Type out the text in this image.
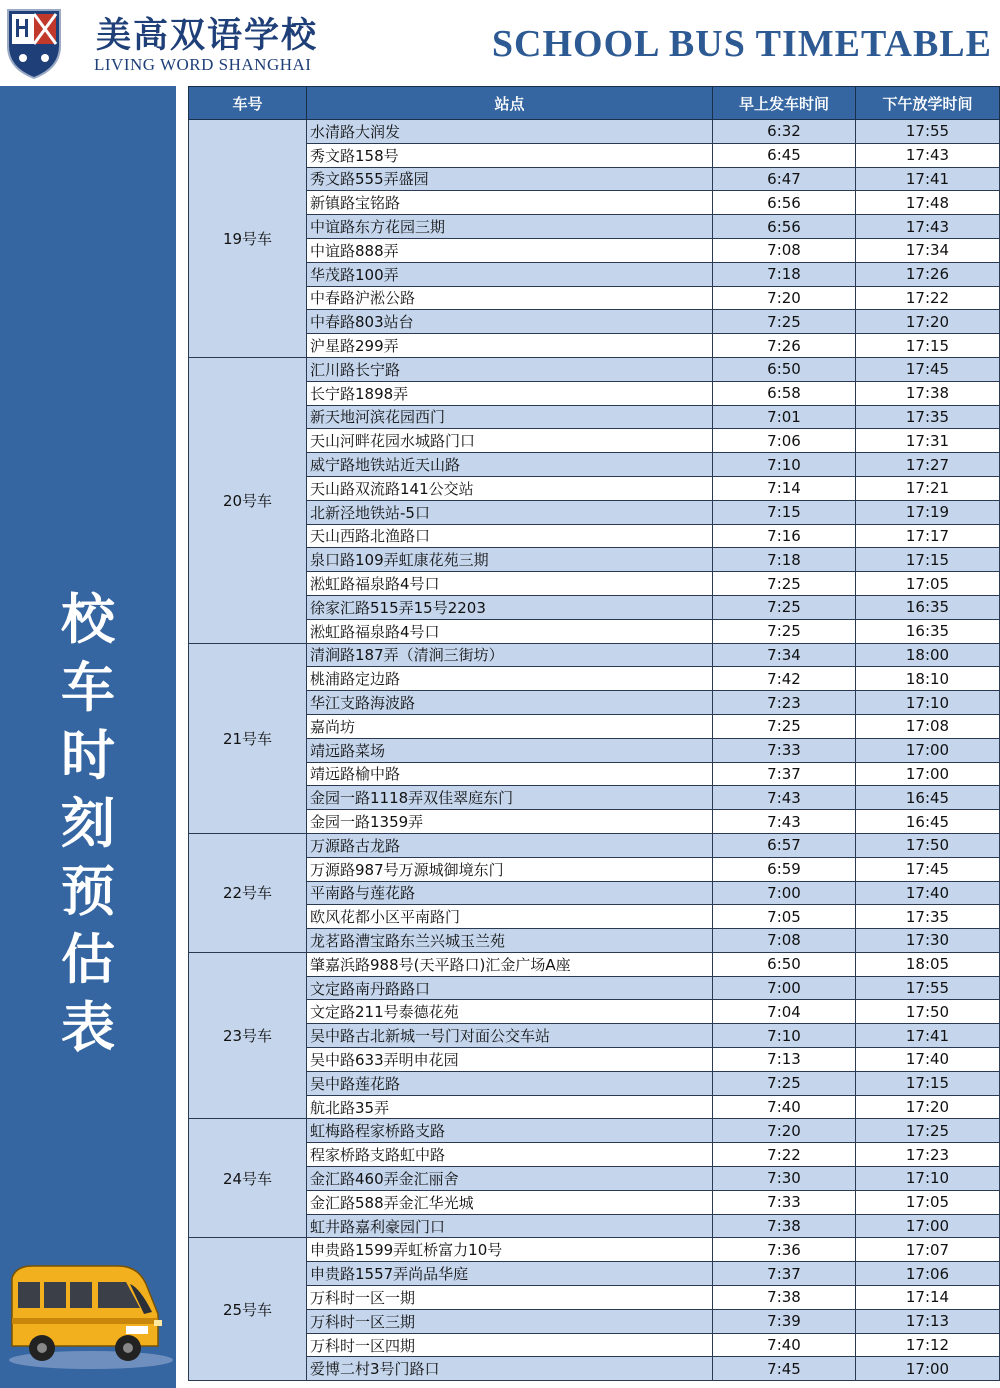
美高双语学校
LIVING WORD SHANGHAI	SCHOOL BUS TIMETABLE
校
车
时
刻
预
估
表
车号	站点	早上发车时间	下午放学时间
19号车	水清路大润发	6:32	17:55
	秀文路158号	6:45	17:43
	秀文路555弄盛园	6:47	17:41
	新镇路宝铭路	6:56	17:48
	中谊路东方花园三期	6:56	17:43
	中谊路888弄	7:08	17:34
	华茂路100弄	7:18	17:26
	中春路沪淞公路	7:20	17:22
	中春路803站台	7:25	17:20
	沪星路299弄	7:26	17:15
20号车	汇川路长宁路	6:50	17:45
	长宁路1898弄	6:58	17:38
	新天地河滨花园西门	7:01	17:35
	天山河畔花园水城路门口	7:06	17:31
	威宁路地铁站近天山路	7:10	17:27
	天山路双流路141公交站	7:14	17:21
	北新泾地铁站-5口	7:15	17:19
	天山西路北渔路口	7:16	17:17
	泉口路109弄虹康花苑三期	7:18	17:15
	淞虹路福泉路4号口	7:25	17:05
	徐家汇路515弄15号2203	7:25	16:35
	淞虹路福泉路4号口	7:25	16:35
21号车	清涧路187弄（清涧三街坊）	7:34	18:00
	桃浦路定边路	7:42	18:10
	华江支路海波路	7:23	17:10
	嘉尚坊	7:25	17:08
	靖远路菜场	7:33	17:00
	靖远路榆中路	7:37	17:00
	金园一路1118弄双佳翠庭东门	7:43	16:45
	金园一路1359弄	7:43	16:45
22号车	万源路古龙路	6:57	17:50
	万源路987号万源城御境东门	6:59	17:45
	平南路与莲花路	7:00	17:40
	欧风花都小区平南路门	7:05	17:35
	龙茗路漕宝路东兰兴城玉兰苑	7:08	17:30
23号车	肇嘉浜路988号(天平路口)汇金广场A座	6:50	18:05
	文定路南丹路路口	7:00	17:55
	文定路211号泰德花苑	7:04	17:50
	吴中路古北新城一号门对面公交车站	7:10	17:41
	吴中路633弄明申花园	7:13	17:40
	吴中路莲花路	7:25	17:15
	航北路35弄	7:40	17:20
24号车	虹梅路程家桥路支路	7:20	17:25
	程家桥路支路虹中路	7:22	17:23
	金汇路460弄金汇丽舍	7:30	17:10
	金汇路588弄金汇华光城	7:33	17:05
	虹井路嘉利豪园门口	7:38	17:00
25号车	申贵路1599弄虹桥富力10号	7:36	17:07
	申贵路1557弄尚品华庭	7:37	17:06
	万科时一区一期	7:38	17:14
	万科时一区三期	7:39	17:13
	万科时一区四期	7:40	17:12
	爱博二村3号门路口	7:45	17:00
